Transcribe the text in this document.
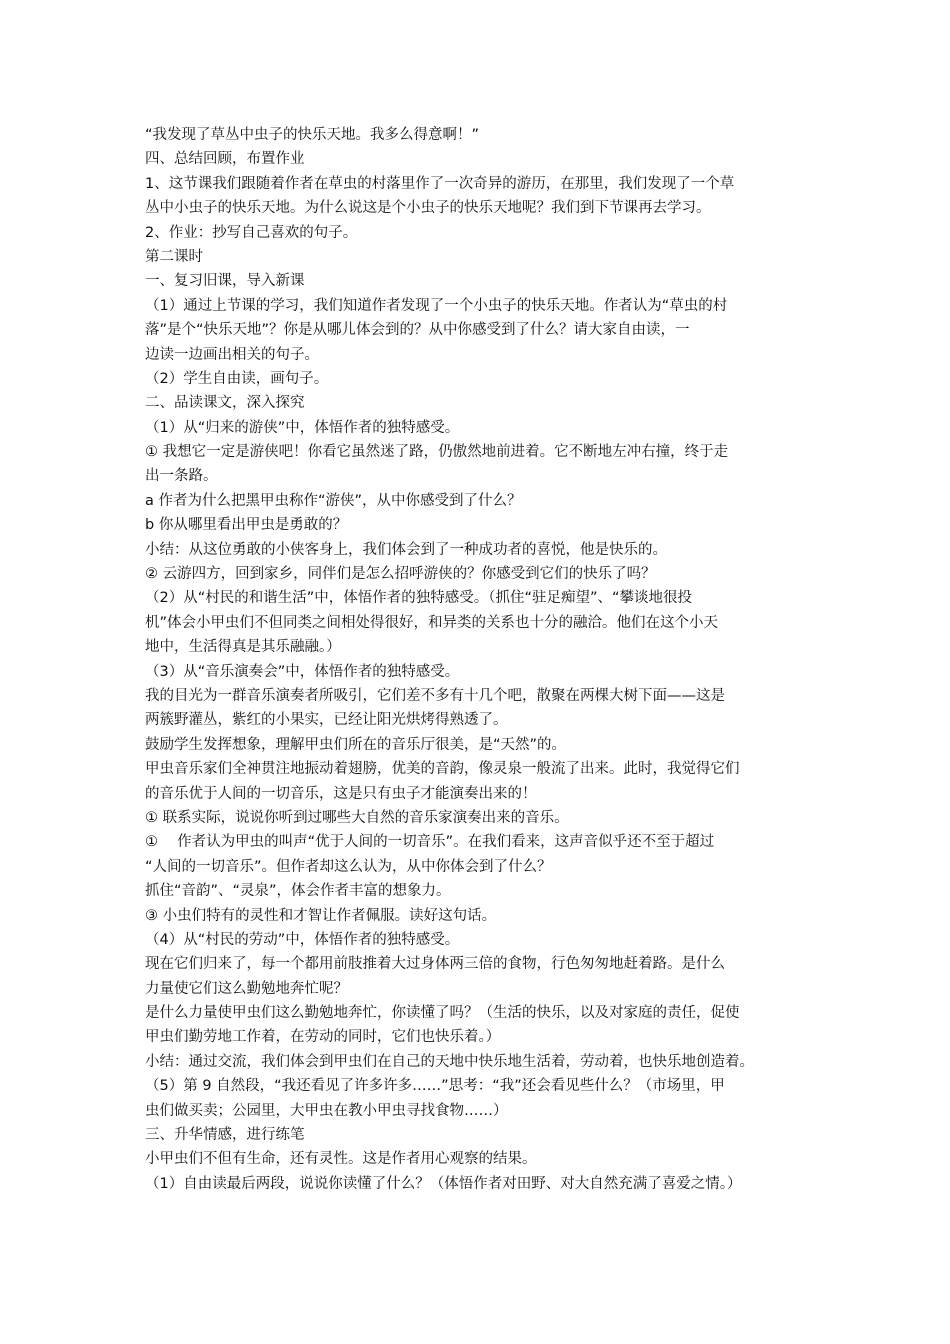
“我发现了草丛中虫子的快乐天地。我多么得意啊！”
四、总结回顾，布置作业
1、这节课我们跟随着作者在草虫的村落里作了一次奇异的游历，在那里，我们发现了一个草
丛中小虫子的快乐天地。为什么说这是个小虫子的快乐天地呢？我们到下节课再去学习。
2、作业：抄写自己喜欢的句子。
第二课时
一、复习旧课，导入新课
（1）通过上节课的学习，我们知道作者发现了一个小虫子的快乐天地。作者认为“草虫的村
落”是个“快乐天地”？你是从哪儿体会到的？从中你感受到了什么？请大家自由读，一
边读一边画出相关的句子。
（2）学生自由读，画句子。
二、品读课文，深入探究
（1）从“归来的游侠”中，体悟作者的独特感受。
① 我想它一定是游侠吧！你看它虽然迷了路，仍傲然地前进着。它不断地左冲右撞，终于走
出一条路。
a 作者为什么把黑甲虫称作“游侠”，从中你感受到了什么？
b 你从哪里看出甲虫是勇敢的？
小结：从这位勇敢的小侠客身上，我们体会到了一种成功者的喜悦，他是快乐的。
② 云游四方，回到家乡，同伴们是怎么招呼游侠的？你感受到它们的快乐了吗？
（2）从“村民的和谐生活”中，体悟作者的独特感受。（抓住“驻足痴望”、“攀谈地很投
机”体会小甲虫们不但同类之间相处得很好，和异类的关系也十分的融洽。他们在这个小天
地中，生活得真是其乐融融。）
（3）从“音乐演奏会”中，体悟作者的独特感受。
我的目光为一群音乐演奏者所吸引，它们差不多有十几个吧，散聚在两棵大树下面——这是
两簇野灌丛，紫红的小果实，已经让阳光烘烤得熟透了。
鼓励学生发挥想象，理解甲虫们所在的音乐厅很美，是“天然”的。
甲虫音乐家们全神贯注地振动着翅膀，优美的音韵，像灵泉一般流了出来。此时，我觉得它们
的音乐优于人间的一切音乐，这是只有虫子才能演奏出来的！
① 联系实际，说说你听到过哪些大自然的音乐家演奏出来的音乐。
①　 作者认为甲虫的叫声“优于人间的一切音乐”。在我们看来，这声音似乎还不至于超过
“人间的一切音乐”。但作者却这么认为，从中你体会到了什么？
抓住“音韵”、“灵泉”，体会作者丰富的想象力。
③ 小虫们特有的灵性和才智让作者佩服。读好这句话。
（4）从“村民的劳动”中，体悟作者的独特感受。
现在它们归来了，每一个都用前肢推着大过身体两三倍的食物，行色匆匆地赶着路。是什么
力量使它们这么勤勉地奔忙呢？
是什么力量使甲虫们这么勤勉地奔忙，你读懂了吗？（生活的快乐，以及对家庭的责任，促使
甲虫们勤劳地工作着，在劳动的同时，它们也快乐着。）
小结：通过交流，我们体会到甲虫们在自己的天地中快乐地生活着，劳动着，也快乐地创造着。
（5）第 9 自然段，“我还看见了许多许多……”思考：“我”还会看见些什么？（市场里，甲
虫们做买卖；公园里，大甲虫在教小甲虫寻找食物……）
三、升华情感，进行练笔
小甲虫们不但有生命，还有灵性。这是作者用心观察的结果。
（1）自由读最后两段，说说你读懂了什么？（体悟作者对田野、对大自然充满了喜爱之情。）
